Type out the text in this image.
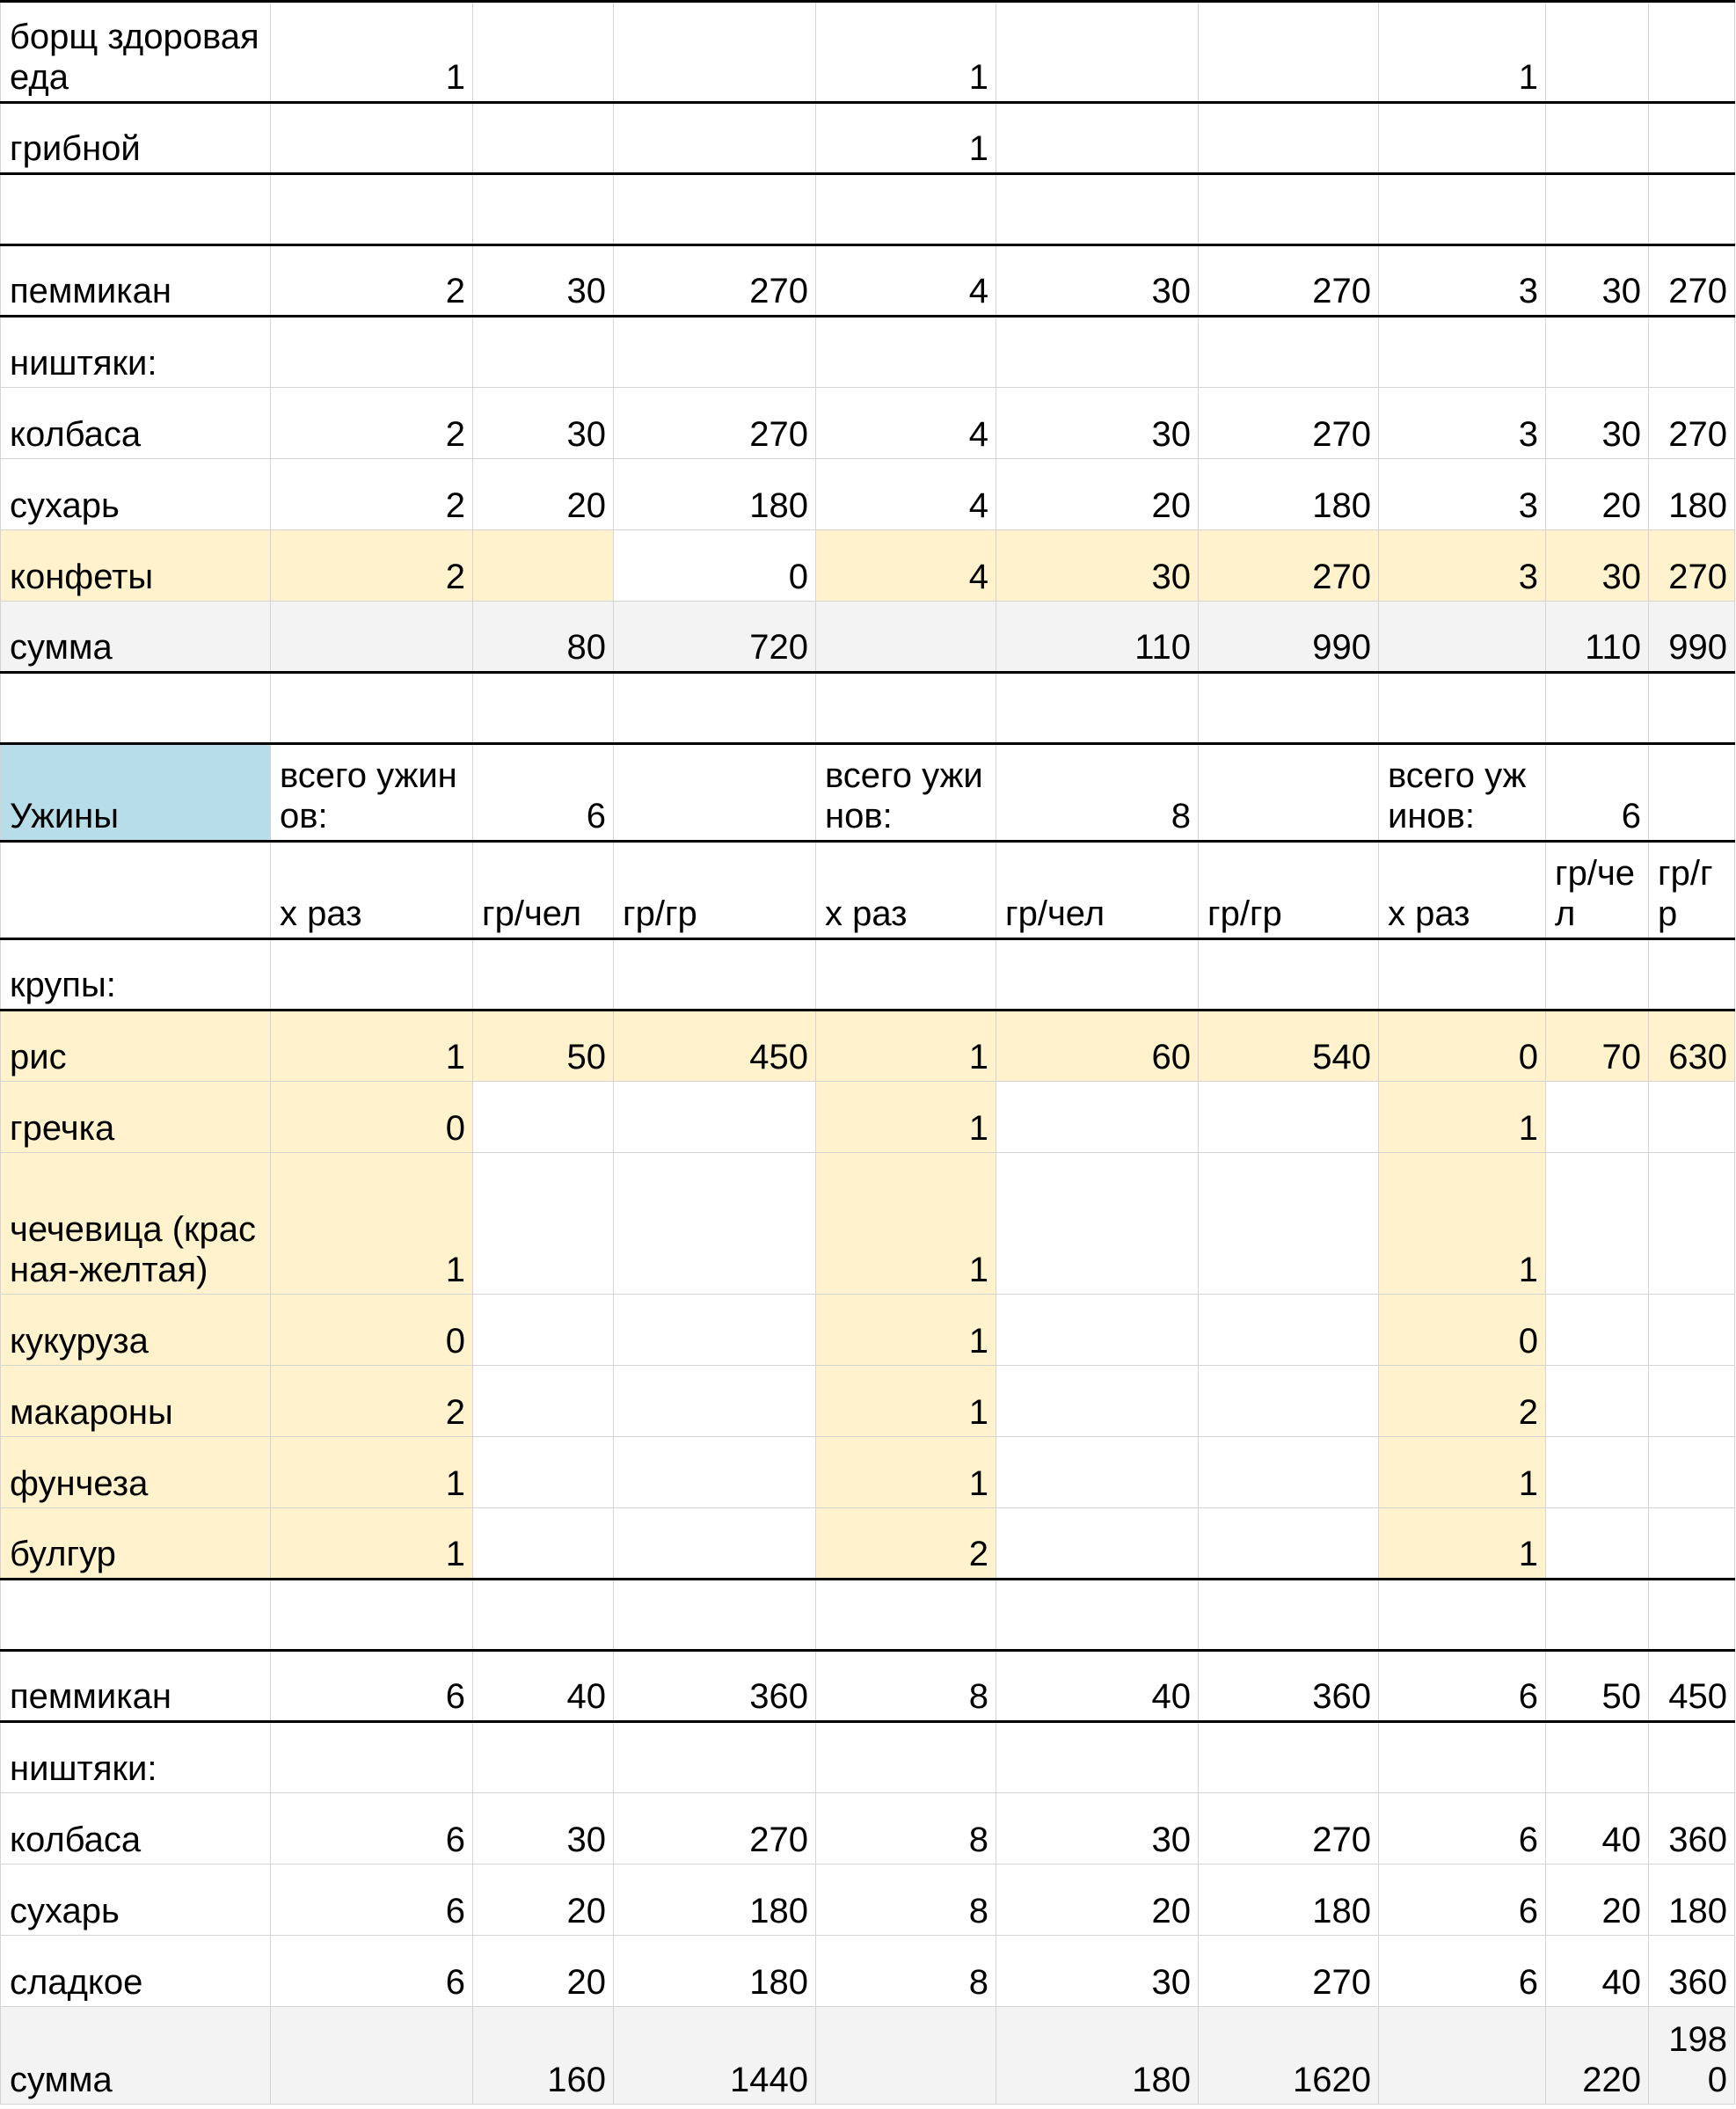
борщ здоровая еда	1			1			1		
грибной				1					

пеммикан	2	30	270	4	30	270	3	30	270
ништяки:									
колбаса	2	30	270	4	30	270	3	30	270
сухарь	2	20	180	4	20	180	3	20	180
конфеты	2		0	4	30	270	3	30	270
сумма		80	720		110	990		110	990

Ужины	всего ужинов:	6		всего ужинов:	8		всего ужинов:	6	
	x раз	гр/чел	гр/гр	x раз	гр/чел	гр/гр	x раз	гр/чел	гр/гр
крупы:									
рис	1	50	450	1	60	540	0	70	630
гречка	0			1			1		
чечевица (красная-желтая)	1			1			1		
кукуруза	0			1			0		
макароны	2			1			2		
фунчеза	1			1			1		
булгур	1			2			1		

пеммикан	6	40	360	8	40	360	6	50	450
ништяки:									
колбаса	6	30	270	8	30	270	6	40	360
сухарь	6	20	180	8	20	180	6	20	180
сладкое	6	20	180	8	30	270	6	40	360
сумма		160	1440		180	1620		220	1980
